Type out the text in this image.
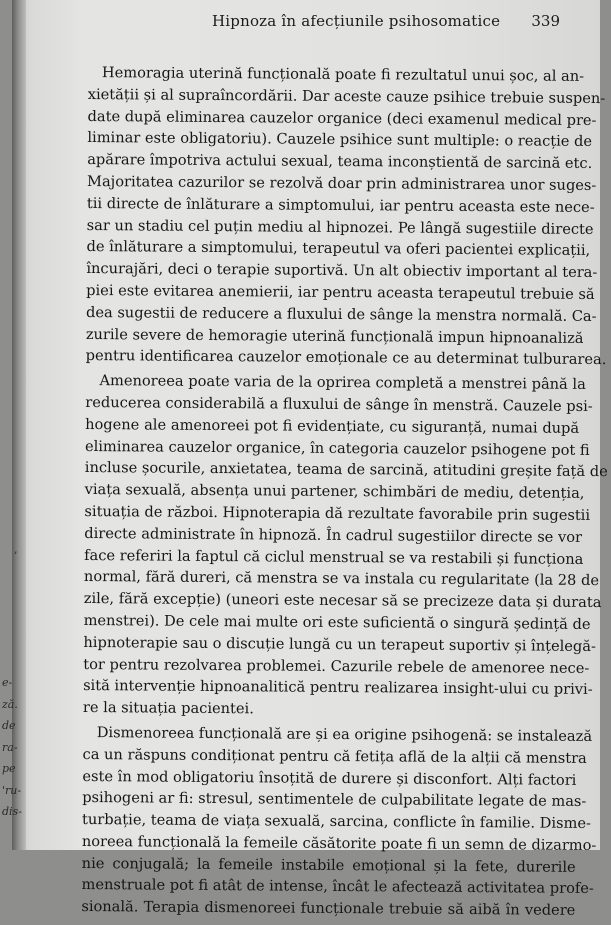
e-
ză.
de
ra-
pe
'ru-
dis-
,
Hipnoza în afecțiunile psihosomatice 339
Hemoragia uterină funcțională poate fi rezultatul unui șoc, al an-
xietății și al supraîncordării. Dar aceste cauze psihice trebuie suspen-
date după eliminarea cauzelor organice (deci examenul medical pre-
liminar este obligatoriu). Cauzele psihice sunt multiple: o reacție de
apărare împotriva actului sexual, teama inconștientă de sarcină etc.
Majoritatea cazurilor se rezolvă doar prin administrarea unor suges-
tii directe de înlăturare a simptomului, iar pentru aceasta este nece-
sar un stadiu cel puțin mediu al hipnozei. Pe lângă sugestiile directe
de înlăturare a simptomului, terapeutul va oferi pacientei explicații,
încurajări, deci o terapie suportivă. Un alt obiectiv important al tera-
piei este evitarea anemierii, iar pentru aceasta terapeutul trebuie să
dea sugestii de reducere a fluxului de sânge la menstra normală. Ca-
zurile severe de hemoragie uterină funcțională impun hipnoanaliză
pentru identificarea cauzelor emoționale ce au determinat tulburarea.
Amenoreea poate varia de la oprirea completă a menstrei până la
reducerea considerabilă a fluxului de sânge în menstră. Cauzele psi-
hogene ale amenoreei pot fi evidențiate, cu siguranță, numai după
eliminarea cauzelor organice, în categoria cauzelor psihogene pot fi
incluse șocurile, anxietatea, teama de sarcină, atitudini greșite față de
viața sexuală, absența unui partener, schimbări de mediu, detenția,
situația de război. Hipnoterapia dă rezultate favorabile prin sugestii
directe administrate în hipnoză. În cadrul sugestiilor directe se vor
face referiri la faptul că ciclul menstrual se va restabili și funcționa
normal, fără dureri, că menstra se va instala cu regularitate (la 28 de
zile, fără excepție) (uneori este necesar să se precizeze data și durata
menstrei). De cele mai multe ori este suficientă o singură ședință de
hipnoterapie sau o discuție lungă cu un terapeut suportiv și înțelegă-
tor pentru rezolvarea problemei. Cazurile rebele de amenoree nece-
sită intervenție hipnoanalitică pentru realizarea insight-ului cu privi-
re la situația pacientei.
Dismenoreea funcțională are și ea origine psihogenă: se instalează
ca un răspuns condiționat pentru că fetița află de la alții că menstra
este în mod obligatoriu însoțită de durere și disconfort. Alți factori
psihogeni ar fi: stresul, sentimentele de culpabilitate legate de mas-
turbație, teama de viața sexuală, sarcina, conflicte în familie. Disme-
noreea funcțională la femeile căsătorite poate fi un semn de dizarmo-
nie conjugală; la femeile instabile emoțional și la fete, durerile
menstruale pot fi atât de intense, încât le afectează activitatea profe-
sională. Terapia dismenoreei funcționale trebuie să aibă în vedere
